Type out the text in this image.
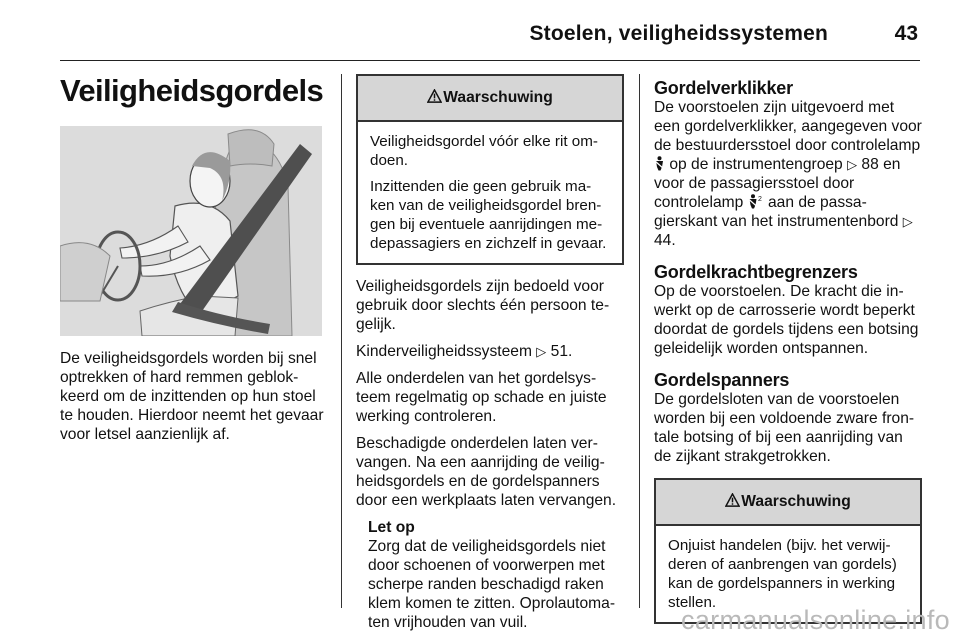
Stoelen, veiligheidssystemen	43
Veiligheidsgordels

De veiligheidsgordels worden bij snel optrekken of hard remmen geblokkeerd om de inzittenden op hun stoel te houden. Hierdoor neemt het gevaar voor letsel aanzienlijk af.

Waarschuwing

Veiligheidsgordel vóór elke rit omdoen.

Inzittenden die geen gebruik maken van de veiligheidsgordel brengen bij eventuele aanrijdingen medepassagiers en zichzelf in gevaar.

Veiligheidsgordels zijn bedoeld voor gebruik door slechts één persoon tegelijk.

Kinderveiligheidssysteem ▷ 51.

Alle onderdelen van het gordelsysteem regelmatig op schade en juiste werking controleren.

Beschadigde onderdelen laten vervangen. Na een aanrijding de veiligheidsgordels en de gordelspanners door een werkplaats laten vervangen.

Let op
Zorg dat de veiligheidsgordels niet door schoenen of voorwerpen met scherpe randen beschadigd raken klem komen te zitten. Oprolautomaten vrijhouden van vuil.
Gordelverklikker

De voorstoelen zijn uitgevoerd met een gordelverklikker, aangegeven voor de bestuurdersstoel door controlelamp  op de instrumentengroep ▷ 88 en voor de passagiersstoel door controlelamp 2 aan de passagierskant van het instrumentenbord ▷ 44.

Gordelkrachtbegrenzers

Op de voorstoelen. De kracht die inwerkt op de carrosserie wordt beperkt doordat de gordels tijdens een botsing geleidelijk worden ontspannen.

Gordelspanners

De gordelsloten van de voorstoelen worden bij een voldoende zware frontale botsing of bij een aanrijding van de zijkant strakgetrokken.

Waarschuwing

Onjuist handelen (bijv. het verwijderen of aanbrengen van gordels) kan de gordelspanners in werking stellen.

carmanualsonline.info
